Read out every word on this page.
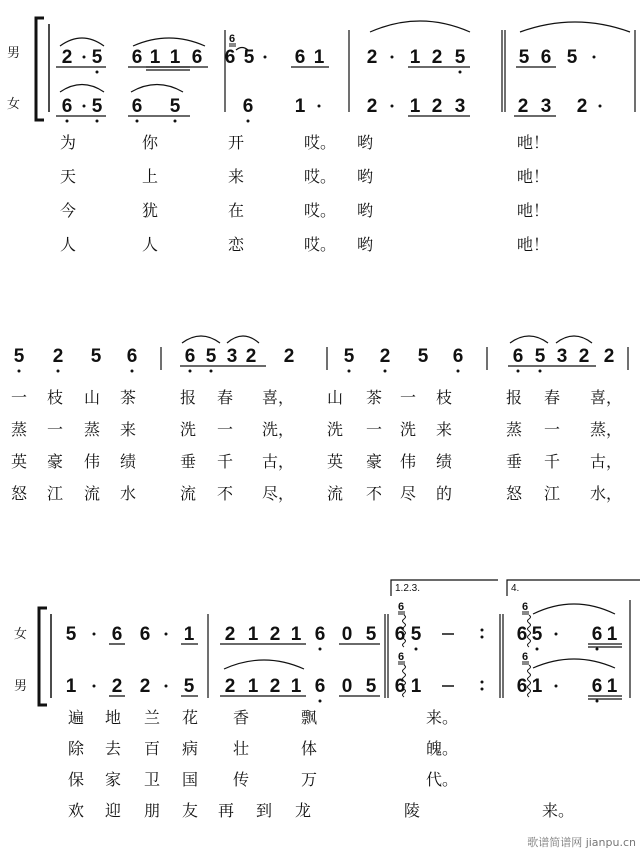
男
女
2 5 6 1 1 6 6 5 6 1
6
2 1 2 5	5 6 5
6 5 6 5	6 1	2 1 2 3	2 3 2
为	你	开	哎。 哟	吔！
天	上	来	哎。 哟	吔！
今	犹	在	哎。 哟	吔！
人	人	恋	哎。 哟	吔！
5 2 5 6 6 5 3 2 2	5 2 5 6	6 5 3 2 2
一 枝 山 茶	报 春 喜， 山 茶 一 枝	报 春 喜，
蒸 一 蒸 来	洗 一 洗， 洗 一 洗 来	蒸 一 蒸，
英 豪 伟 绩	垂 千 古， 英 豪 伟 绩	垂 千 古，
怒 江 流 水	流 不 尽， 流 不 尽 的	怒 江 水，
女
男
1.2.3.	4.
5 6 6 1 2 1 2 1 6 0 5 6 5
6
6 5	6 1
6
1 2 2 5 2 1 2 1 6 0 5 6 1
6
6 1	6 1
6
遍 地 兰 花 香	飘	来。
除 去 百 病 壮	体	魄。
保 家 卫 国 传	万	代。
欢 迎 朋 友 再 到 龙	陵	来。
歌谱简谱网 jianpu.cn
